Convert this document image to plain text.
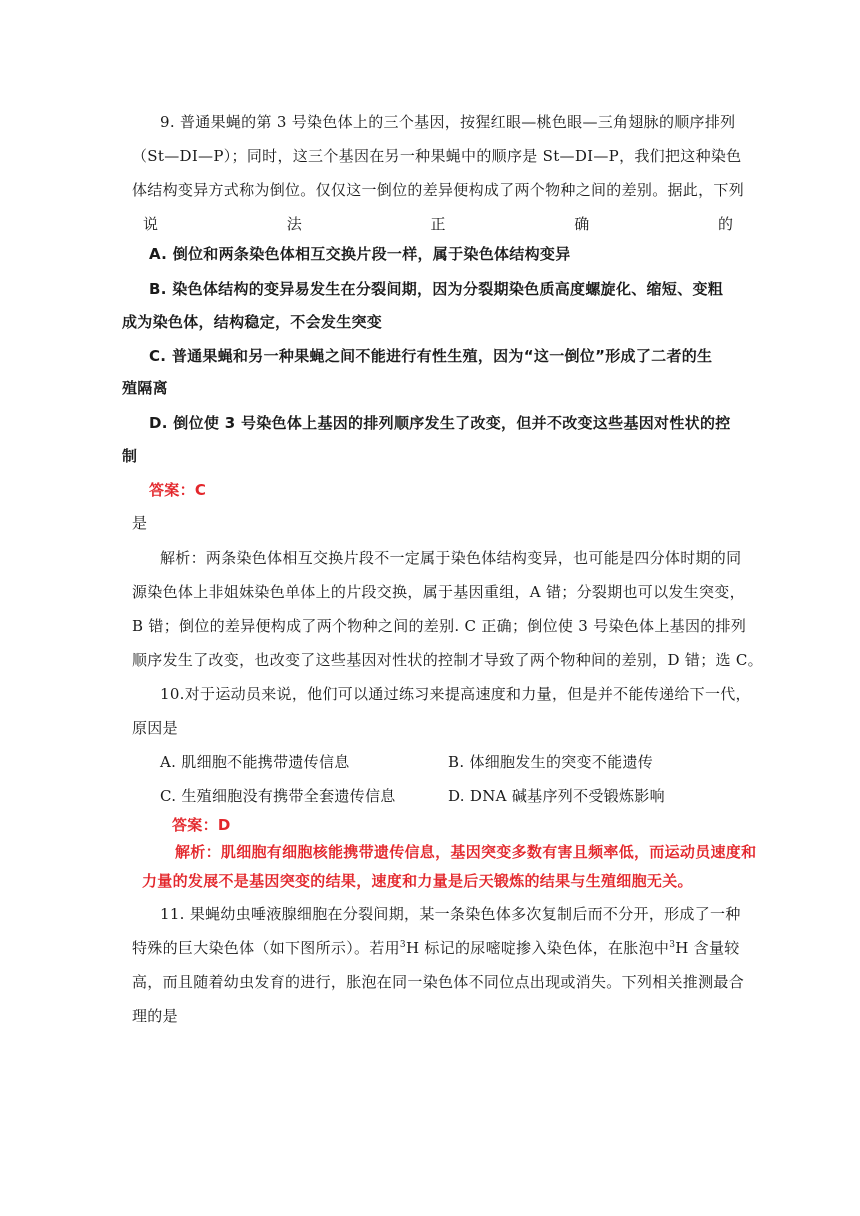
9. 普通果蝇的第 3 号染色体上的三个基因，按猩红眼—桃色眼—三角翅脉的顺序排列
（St—DI—P）；同时，这三个基因在另一种果蝇中的顺序是 St—DI—P，我们把这种染色
体结构变异方式称为倒位。仅仅这一倒位的差异便构成了两个物种之间的差别。据此，下列
说	法	正	确	的
A. 倒位和两条染色体相互交换片段一样，属于染色体结构变异
B. 染色体结构的变异易发生在分裂间期，因为分裂期染色质高度螺旋化、缩短、变粗
成为染色体，结构稳定，不会发生突变
C. 普通果蝇和另一种果蝇之间不能进行有性生殖，因为“这一倒位”形成了二者的生
殖隔离
D. 倒位使 3 号染色体上基因的排列顺序发生了改变，但并不改变这些基因对性状的控
制
答案：C
是
解析：两条染色体相互交换片段不一定属于染色体结构变异，也可能是四分体时期的同
源染色体上非姐妹染色单体上的片段交换，属于基因重组，A 错；分裂期也可以发生突变，
B 错；倒位的差异便构成了两个物种之间的差别. C 正确；倒位使 3 号染色体上基因的排列
顺序发生了改变，也改变了这些基因对性状的控制才导致了两个物种间的差别，D 错；选 C。
10.对于运动员来说，他们可以通过练习来提高速度和力量，但是并不能传递给下一代，
原因是
A. 肌细胞不能携带遗传信息	B. 体细胞发生的突变不能遗传
C. 生殖细胞没有携带全套遗传信息	D. DNA 碱基序列不受锻炼影响
答案：D
解析：肌细胞有细胞核能携带遗传信息，基因突变多数有害且频率低，而运动员速度和
力量的发展不是基因突变的结果，速度和力量是后天锻炼的结果与生殖细胞无关。
11. 果蝇幼虫唾液腺细胞在分裂间期，某一条染色体多次复制后而不分开，形成了一种
特殊的巨大染色体（如下图所示）。若用$^3$H 标记的尿嘧啶掺入染色体，在胀泡中$^3$H 含量较
高，而且随着幼虫发育的进行，胀泡在同一染色体不同位点出现或消失。下列相关推测最合
理的是
